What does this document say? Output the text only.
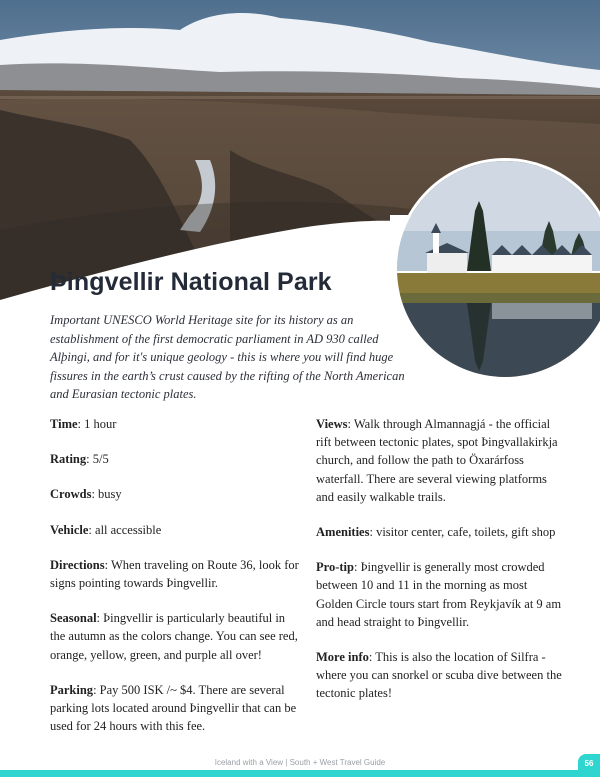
Þingvellir National Park

Important UNESCO World Heritage site for its history as an establishment of the first democratic parliament in AD 930 called Alþingi, and for it's unique geology - this is where you will find huge fissures in the earth’s crust caused by the rifting of the North American and Eurasian tectonic plates.

Time: 1 hour

Rating: 5/5

Crowds: busy

Vehicle: all accessible

Directions: When traveling on Route 36, look for signs pointing towards Þingvellir.

Seasonal: Þingvellir is particularly beautiful in the autumn as the colors change. You can see red, orange, yellow, green, and purple all over!

Parking: Pay 500 ISK /~ $4. There are several parking lots located around Þingvellir that can be used for 24 hours with this fee.

Views: Walk through Almannagjá - the official rift between tectonic plates, spot Þingvallakirkja church, and follow the path to Öxarárfoss waterfall. There are several viewing platforms and easily walkable trails.

Amenities: visitor center, cafe, toilets, gift shop

Pro-tip: Þingvellir is generally most crowded between 10 and 11 in the morning as most Golden Circle tours start from Reykjavík at 9 am and head straight to Þingvellir.

More info: This is also the location of Silfra - where you can snorkel or scuba dive between the tectonic plates!

Iceland with a View | South + West Travel Guide	56
